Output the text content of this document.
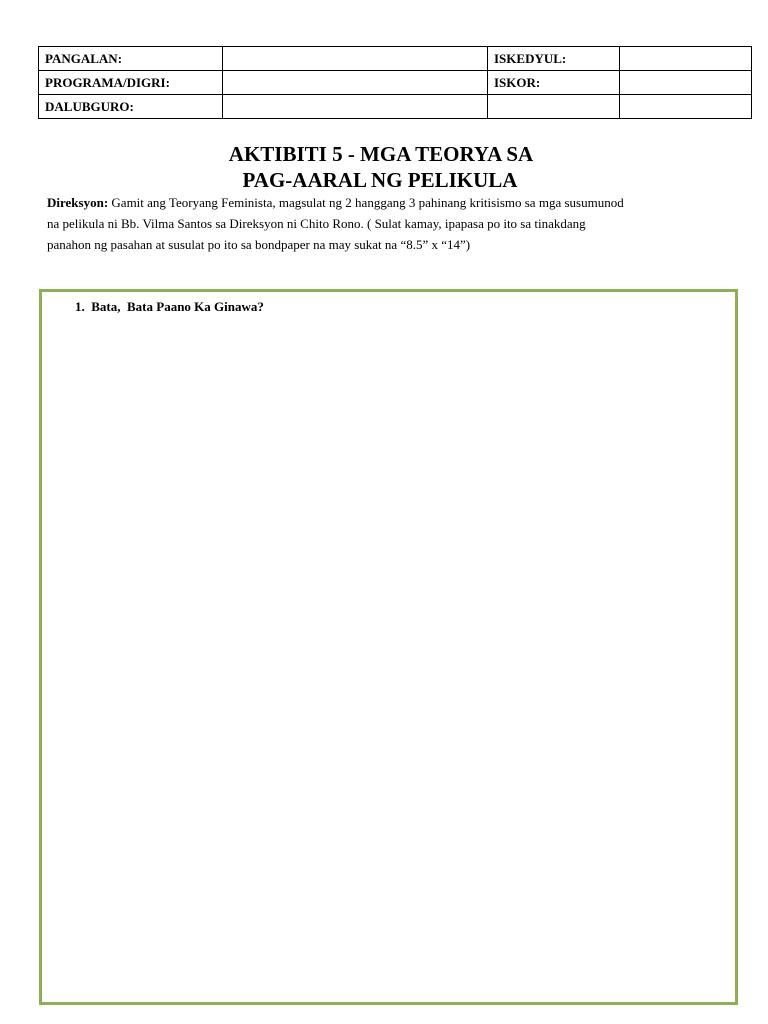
PANGALAN:		ISKEDYUL:	
PROGRAMA/DIGRI:		ISKOR:	
DALUBGURO:			
AKTIBITI 5 - MGA TEORYA SA
PAG-AARAL NG PELIKULA
Direksyon: Gamit ang Teoryang Feminista, magsulat ng 2 hanggang 3 pahinang kritisismo sa mga susumunod
na pelikula ni Bb. Vilma Santos sa Direksyon ni Chito Rono. ( Sulat kamay, ipapasa po ito sa tinakdang
panahon ng pasahan at susulat po ito sa bondpaper na may sukat na “8.5” x “14”)
1. Bata,  Bata Paano Ka Ginawa?
